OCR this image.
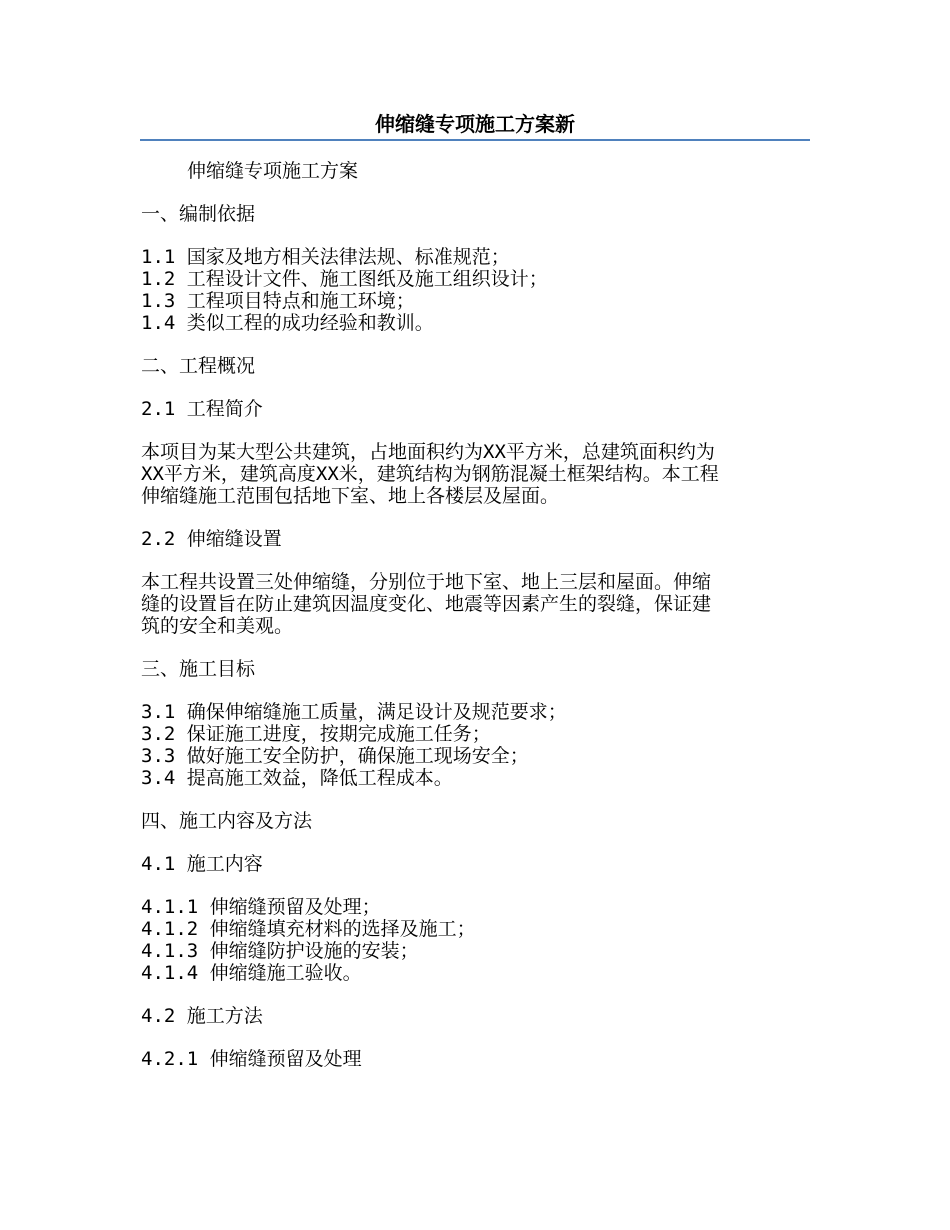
伸缩缝专项施工方案新

伸缩缝专项施工方案

一、编制依据

1.1 国家及地方相关法律法规、标准规范；
1.2 工程设计文件、施工图纸及施工组织设计；
1.3 工程项目特点和施工环境；
1.4 类似工程的成功经验和教训。

二、工程概况

2.1 工程简介

本项目为某大型公共建筑，占地面积约为XX平方米，总建筑面积约为
XX平方米，建筑高度XX米，建筑结构为钢筋混凝土框架结构。本工程
伸缩缝施工范围包括地下室、地上各楼层及屋面。

2.2 伸缩缝设置

本工程共设置三处伸缩缝，分别位于地下室、地上三层和屋面。伸缩
缝的设置旨在防止建筑因温度变化、地震等因素产生的裂缝，保证建
筑的安全和美观。

三、施工目标

3.1 确保伸缩缝施工质量，满足设计及规范要求；
3.2 保证施工进度，按期完成施工任务；
3.3 做好施工安全防护，确保施工现场安全；
3.4 提高施工效益，降低工程成本。

四、施工内容及方法

4.1 施工内容

4.1.1 伸缩缝预留及处理；
4.1.2 伸缩缝填充材料的选择及施工；
4.1.3 伸缩缝防护设施的安装；
4.1.4 伸缩缝施工验收。

4.2 施工方法

4.2.1 伸缩缝预留及处理
